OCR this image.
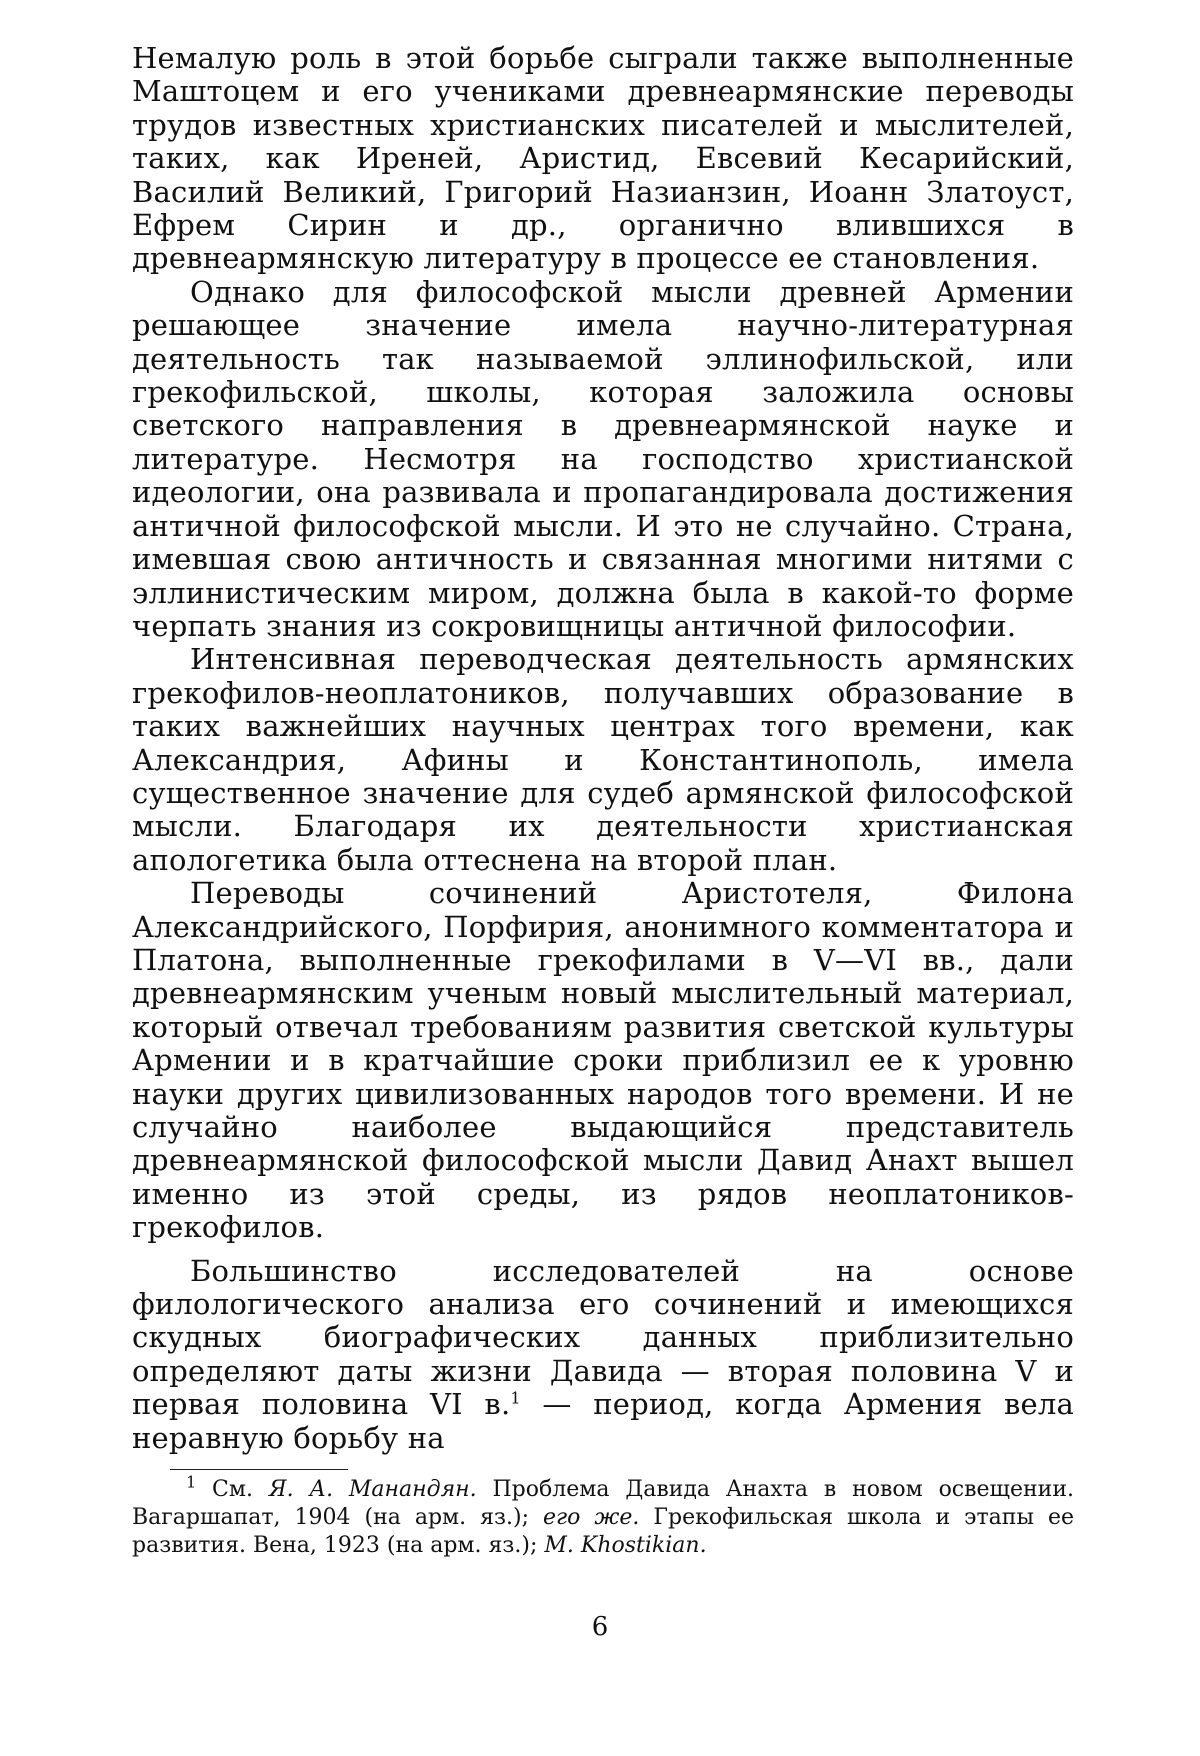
Немалую роль в этой борьбе сыграли также выполненные Маштоцем и его учениками древнеармянские переводы трудов известных христианских писателей и мыслителей, таких, как Иреней, Аристид, Евсевий Кесарийский, Василий Великий, Григорий Назианзин, Иоанн Златоуст, Ефрем Сирин и др., органично влившихся в древнеармянскую литературу в процессе ее становления.

Однако для философской мысли древней Армении решающее значение имела научно-литературная деятельность так называемой эллинофильской, или грекофильской, школы, которая заложила основы светского направления в древнеармянской науке и литературе. Несмотря на господство христианской идеологии, она развивала и пропагандировала достижения античной философской мысли. И это не случайно. Страна, имевшая свою античность и связанная многими нитями с эллинистическим миром, должна была в какой-то форме черпать знания из сокровищницы античной философии.

Интенсивная переводческая деятельность армянских грекофилов-неоплатоников, получавших образование в таких важнейших научных центрах того времени, как Александрия, Афины и Константинополь, имела существенное значение для судеб армянской философской мысли. Благодаря их деятельности христианская апологетика была оттеснена на второй план.

Переводы сочинений Аристотеля, Филона Александрийского, Порфирия, анонимного комментатора и Платона, выполненные грекофилами в V—VI вв., дали древнеармянским ученым новый мыслительный материал, который отвечал требованиям развития светской культуры Армении и в кратчайшие сроки приблизил ее к уровню науки других цивилизованных народов того времени. И не случайно наиболее выдающийся представитель древнеармянской философской мысли Давид Анахт вышел именно из этой среды, из рядов неоплатоников-грекофилов.

Большинство исследователей на основе филологического анализа его сочинений и имеющихся скудных биографических данных приблизительно определяют даты жизни Давида — вторая половина V и первая половина VI в.$^1$ — период, когда Армения вела неравную борьбу на

$^1$ См. Я. А. Манандян. Проблема Давида Анахта в новом освещении. Вагаршапат, 1904 (на арм. яз.); его же. Грекофильская школа и этапы ее развития. Вена, 1923 (на арм. яз.); M. Khostikian.

6
